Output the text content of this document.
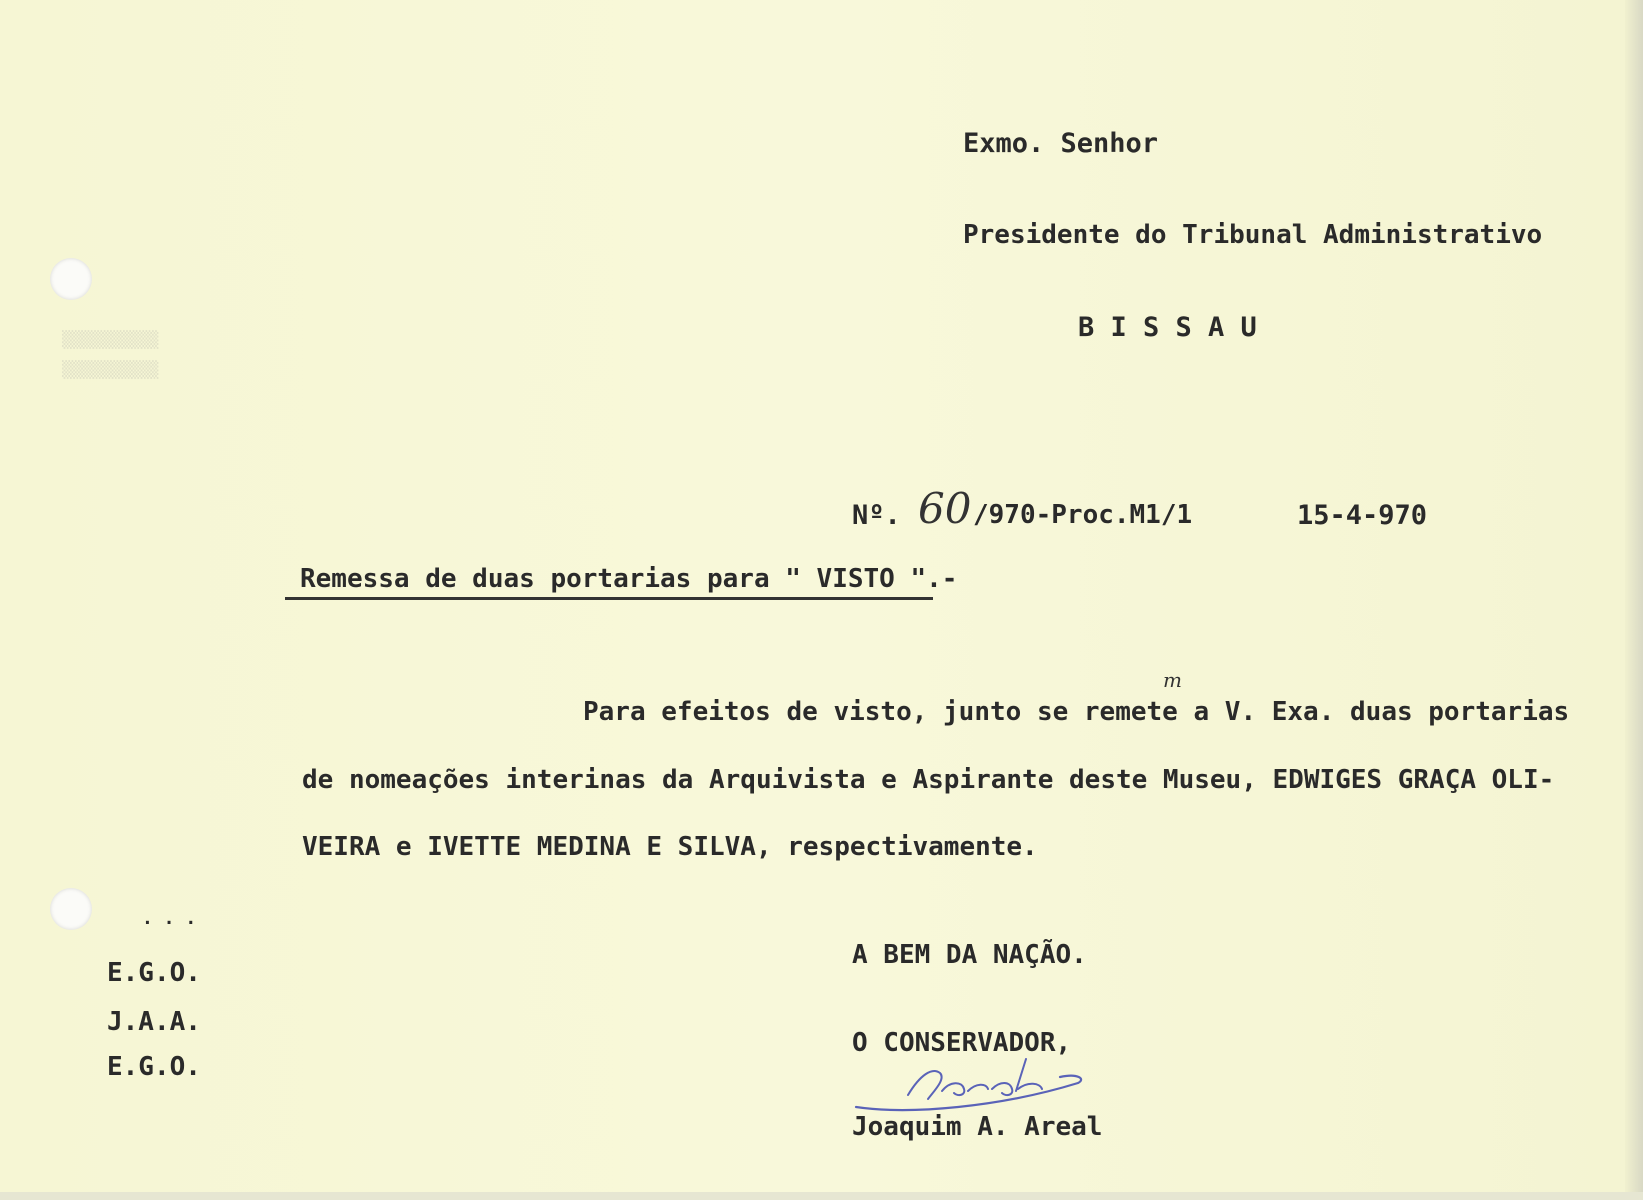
▒▒▒▒▒▒▒▒▒▒
▒▒▒▒▒▒▒▒▒▒
Exmo. Senhor
Presidente do Tribunal Administrativo
B I S S A U
Nº. 60 /970-Proc.M1/1	15-4-970
Remessa de duas portarias para " VISTO ".-
Para efeitos de visto, junto se remete a V. Exa. duas portarias
m
de nomeações interinas da Arquivista e Aspirante deste Museu, EDWIGES GRAÇA OLI-
VEIRA e IVETTE MEDINA E SILVA, respectivamente.
. . .
E.G.O.
J.A.A.
E.G.O.
A BEM DA NAÇÃO.
O CONSERVADOR,
Joaquim A. Areal
